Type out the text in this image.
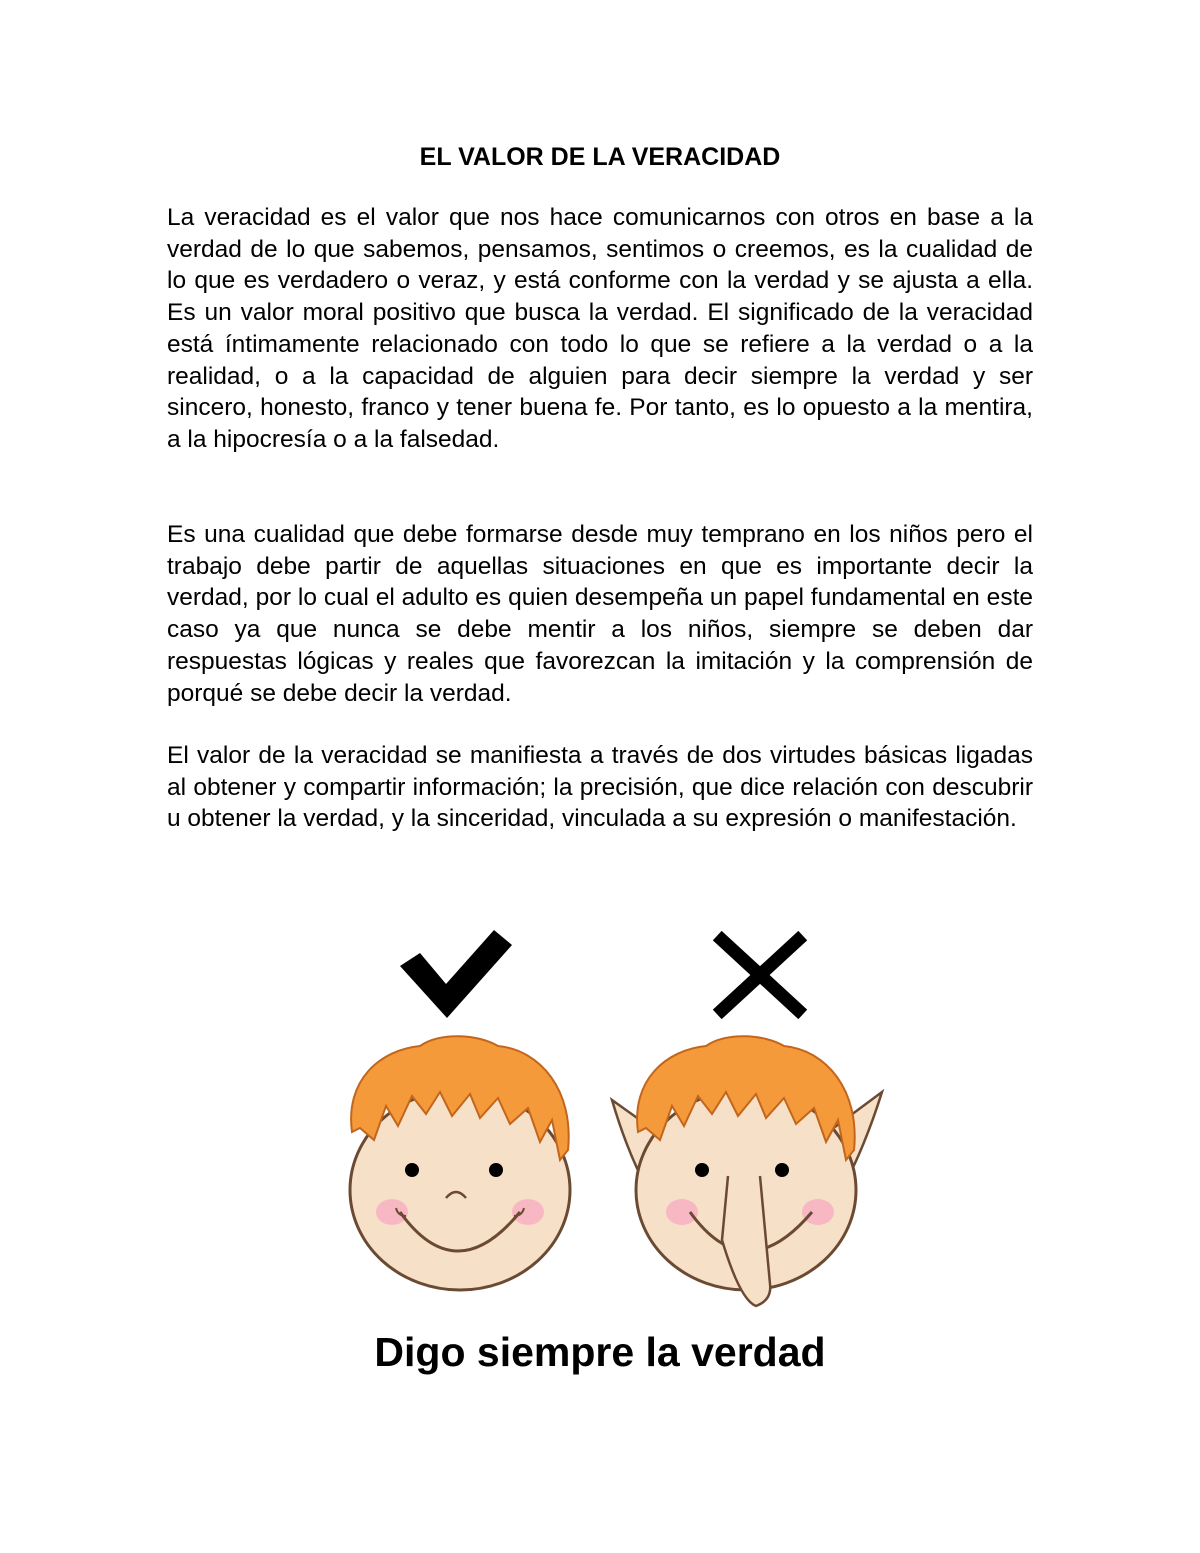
EL VALOR DE LA VERACIDAD

La veracidad es el valor que nos hace comunicarnos con otros en base a la verdad de lo que sabemos, pensamos, sentimos o creemos, es la cualidad de lo que es verdadero o veraz, y está conforme con la verdad y se ajusta a ella. Es un valor moral positivo que busca la verdad. El significado de la veracidad está íntimamente relacionado con todo lo que se refiere a la verdad o a la realidad, o a la capacidad de alguien para decir siempre la verdad y ser sincero, honesto, franco y tener buena fe. Por tanto, es lo opuesto a la mentira, a la hipocresía o a la falsedad.

Es una cualidad que debe formarse desde muy temprano en los niños pero el trabajo debe partir de aquellas situaciones en que es importante decir la verdad, por lo cual el adulto es quien desempeña un papel fundamental en este caso ya que nunca se debe mentir a los niños, siempre se deben dar respuestas lógicas y reales que favorezcan la imitación y la comprensión de porqué se debe decir la verdad.

El valor de la veracidad se manifiesta a través de dos virtudes básicas ligadas al obtener y compartir información; la precisión, que dice relación con descubrir u obtener la verdad, y la sinceridad, vinculada a su expresión o manifestación.

Digo siempre la verdad
